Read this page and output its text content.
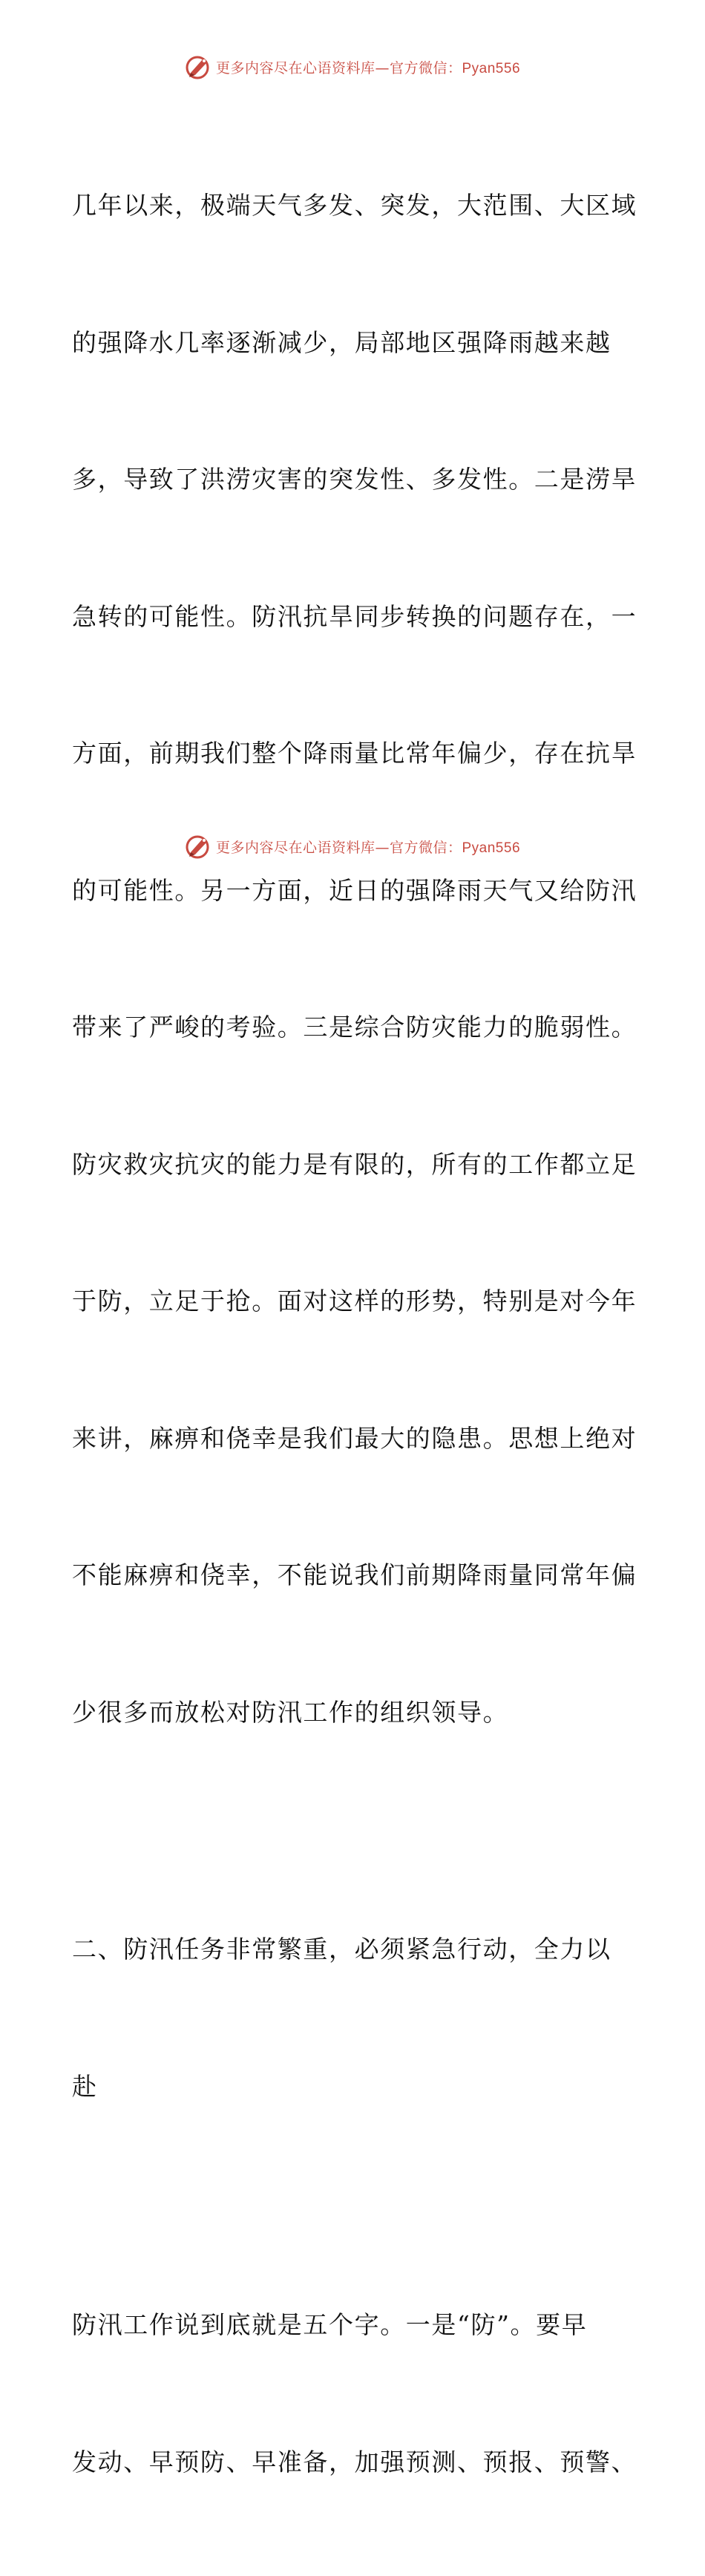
更多内容尽在心语资料库—官方微信：Pyan556

几年以来，极端天气多发、突发，大范围、大区域

的强降水几率逐渐减少，局部地区强降雨越来越

多，导致了洪涝灾害的突发性、多发性。二是涝旱

急转的可能性。防汛抗旱同步转换的问题存在，一

方面，前期我们整个降雨量比常年偏少，存在抗旱

的可能性。另一方面，近日的强降雨天气又给防汛

带来了严峻的考验。三是综合防灾能力的脆弱性。

防灾救灾抗灾的能力是有限的，所有的工作都立足

于防，立足于抢。面对这样的形势，特别是对今年

来讲，麻痹和侥幸是我们最大的隐患。思想上绝对

不能麻痹和侥幸，不能说我们前期降雨量同常年偏

少很多而放松对防汛工作的组织领导。

二、防汛任务非常繁重，必须紧急行动，全力以

赴

防汛工作说到底就是五个字。一是“防”。要早

发动、早预防、早准备，加强预测、预报、预警、

更多内容尽在心语资料库—官方微信：Pyan556
